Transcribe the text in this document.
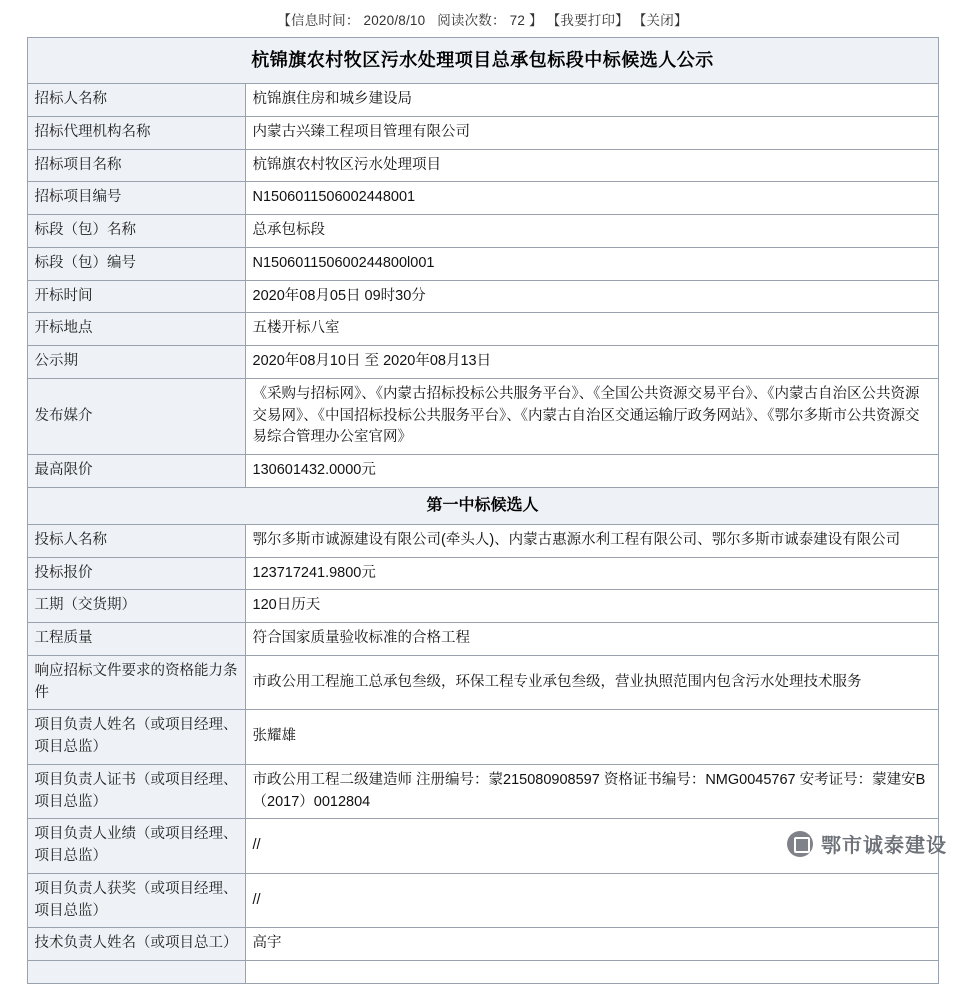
【信息时间： 2020/8/10 阅读次数： 72 】 【我要打印】 【关闭】
杭锦旗农村牧区污水处理项目总承包标段中标候选人公示	
招标人名称	杭锦旗住房和城乡建设局
招标代理机构名称	内蒙古兴臻工程项目管理有限公司
招标项目名称	杭锦旗农村牧区污水处理项目
招标项目编号	N1506011506002448001
标段（包）名称	总承包标段
标段（包）编号	N150601150600244800l001
开标时间	2020年08月05日 09时30分
开标地点	五楼开标八室
公示期	2020年08月10日 至 2020年08月13日
发布媒介	《采购与招标网》、《内蒙古招标投标公共服务平台》、《全国公共资源交易平台》、《内蒙古自治区公共资源交易网》、《中国招标投标公共服务平台》、《内蒙古自治区交通运输厅政务网站》、《鄂尔多斯市公共资源交易综合管理办公室官网》
最高限价	130601432.0000元
第一中标候选人	
投标人名称	鄂尔多斯市诚源建设有限公司(牵头人)、内蒙古惠源水利工程有限公司、鄂尔多斯市诚泰建设有限公司
投标报价	123717241.9800元
工期（交货期）	120日历天
工程质量	符合国家质量验收标准的合格工程
响应招标文件要求的资格能力条件	市政公用工程施工总承包叁级，环保工程专业承包叁级，营业执照范围内包含污水处理技术服务
项目负责人姓名（或项目经理、项目总监）	张耀雄
项目负责人证书（或项目经理、项目总监）	市政公用工程二级建造师 注册编号：蒙215080908597 资格证书编号：NMG0045767 安考证号：蒙建安B（2017）0012804
项目负责人业绩（或项目经理、项目总监）	//
项目负责人获奖（或项目经理、项目总监）	//
技术负责人姓名（或项目总工）	高宇

鄂市诚泰建设
